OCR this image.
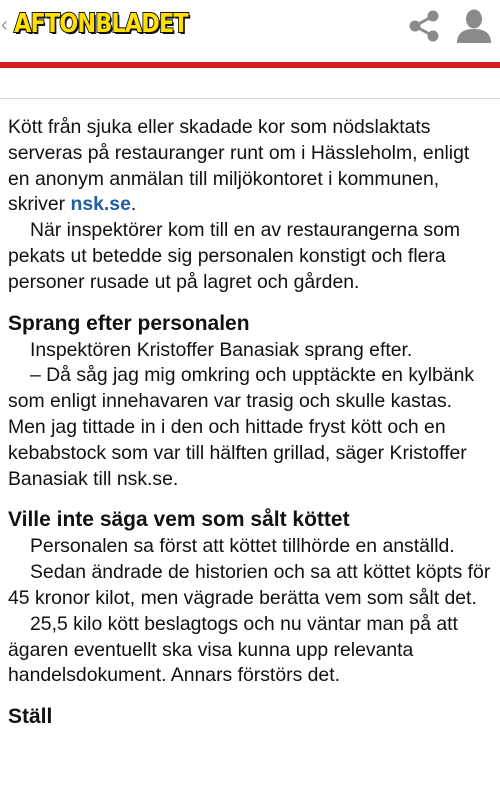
‹ AFTONBLADET

Kött från sjuka eller skadade kor som nödslaktats serveras på restauranger runt om i Hässleholm, enligt en anonym anmälan till miljökontoret i kommunen, skriver nsk.se.

När inspektörer kom till en av restaurangerna som pekats ut betedde sig personalen konstigt och flera personer rusade ut på lagret och gården.

Sprang efter personalen

Inspektören Kristoffer Banasiak sprang efter.

– Då såg jag mig omkring och upptäckte en kylbänk som enligt innehavaren var trasig och skulle kastas. Men jag tittade in i den och hittade fryst kött och en kebabstock som var till hälften grillad, säger Kristoffer Banasiak till nsk.se.

Ville inte säga vem som sålt köttet

Personalen sa först att köttet tillhörde en anställd.

Sedan ändrade de historien och sa att köttet köpts för 45 kronor kilot, men vägrade berätta vem som sålt det.

25,5 kilo kött beslagtogs och nu väntar man på att ägaren eventuellt ska visa kunna upp relevanta handelsdokument. Annars förstörs det.

Ställ
